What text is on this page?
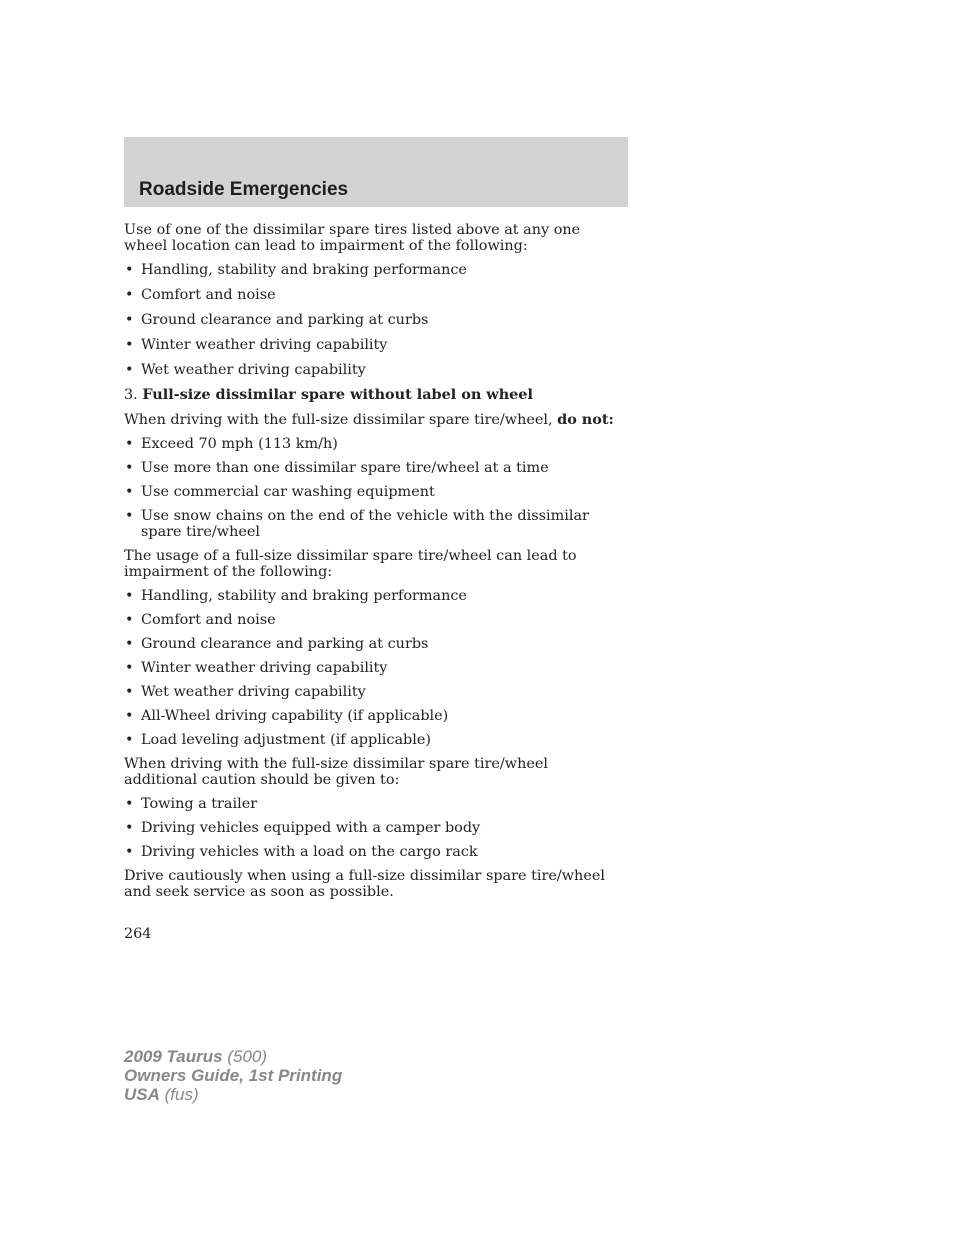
Roadside Emergencies

Use of one of the dissimilar spare tires listed above at any one wheel location can lead to impairment of the following:

• Handling, stability and braking performance
• Comfort and noise
• Ground clearance and parking at curbs
• Winter weather driving capability
• Wet weather driving capability

3. Full-size dissimilar spare without label on wheel

When driving with the full-size dissimilar spare tire/wheel, do not:

• Exceed 70 mph (113 km/h)
• Use more than one dissimilar spare tire/wheel at a time
• Use commercial car washing equipment
• Use snow chains on the end of the vehicle with the dissimilar spare tire/wheel

The usage of a full-size dissimilar spare tire/wheel can lead to impairment of the following:

• Handling, stability and braking performance
• Comfort and noise
• Ground clearance and parking at curbs
• Winter weather driving capability
• Wet weather driving capability
• All-Wheel driving capability (if applicable)
• Load leveling adjustment (if applicable)

When driving with the full-size dissimilar spare tire/wheel additional caution should be given to:

• Towing a trailer
• Driving vehicles equipped with a camper body
• Driving vehicles with a load on the cargo rack

Drive cautiously when using a full-size dissimilar spare tire/wheel and seek service as soon as possible.

264
2009 Taurus (500)
Owners Guide, 1st Printing
USA (fus)
